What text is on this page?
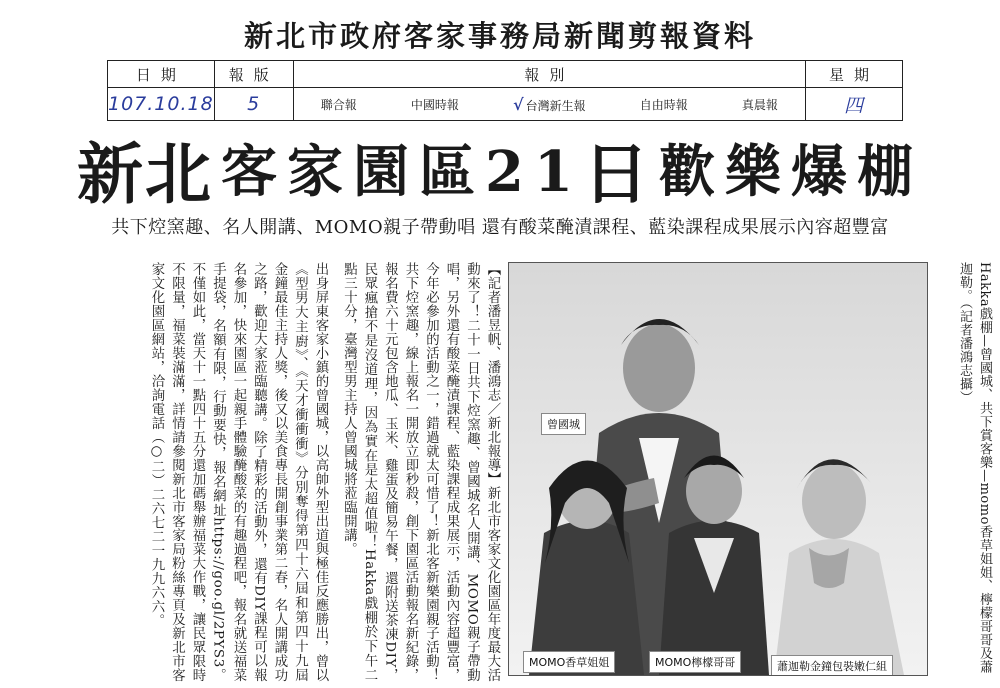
新北市政府客家事務局新聞剪報資料
日期	報版	報別	星期
107.10.18	5	聯合報 中國時報 √ 台灣新生報 自由時報 真晨報	四
新北 客家園區21 日 歡樂爆棚
共下焢窯趣、名人開講、MOMO親子帶動唱 還有酸菜醃漬課程、藍染課程成果展示內容超豐富

【記者潘昱帆、潘鴻志／新北報導】新北市客家文化園區年度最大活動來了！二十一日共下焢窯趣、曾國城名人開講、MOMO親子帶動唱，另外還有酸菜醃漬課程、藍染課程成果展示，活動內容超豐富，今年必參加的活動之一，錯過就太可惜了！新北客新樂園親子活動！共下焢窯趣，線上報名一開放立即秒殺，創下園區活動報名新紀錄，報名費六十元包含地瓜、玉米、雞蛋及簡易午餐，還附送茶凍DIY，民眾瘋搶不是沒道理，因為實在是太超值啦！Hakka戲棚於下午二點三十分，臺灣型男主持人曾國城將蒞臨開講。

出身屏東客家小鎮的曾國城，以高帥外型出道與極佳反應勝出，曾以《型男大主廚》、《天才衝衝衝》分別奪得第四十六屆和第四十九屆金鐘最佳主持人獎，後又以美食專長開創事業第二春，名人開講成功之路，歡迎大家蒞臨聽講。除了精彩的活動外，還有DIY課程可以報名參加，快來園區一起親手體驗醃酸菜的有趣過程吧，報名就送福菜手提袋，名額有限，行動要快，報名網址https://goo.gl/2PYS3。不僅如此，當天十一點四十五分還加碼舉辦福菜大作戰，讓民眾限時不限量，福菜裝滿滿，詳情請參閱新北市客家局粉絲專頁及新北市客家文化園區網站，洽詢電話（○二）二六七二一九九六六。	曾國城
MOMO香草姐姐	MOMO檸檬哥哥	蕭迦勒金鐘包裝嫩仁組	Hakka戲棚—曾國城、共下賞客樂—momo香草姐姐、檸檬哥哥及蕭迦勒。（記者潘鴻志攝）
